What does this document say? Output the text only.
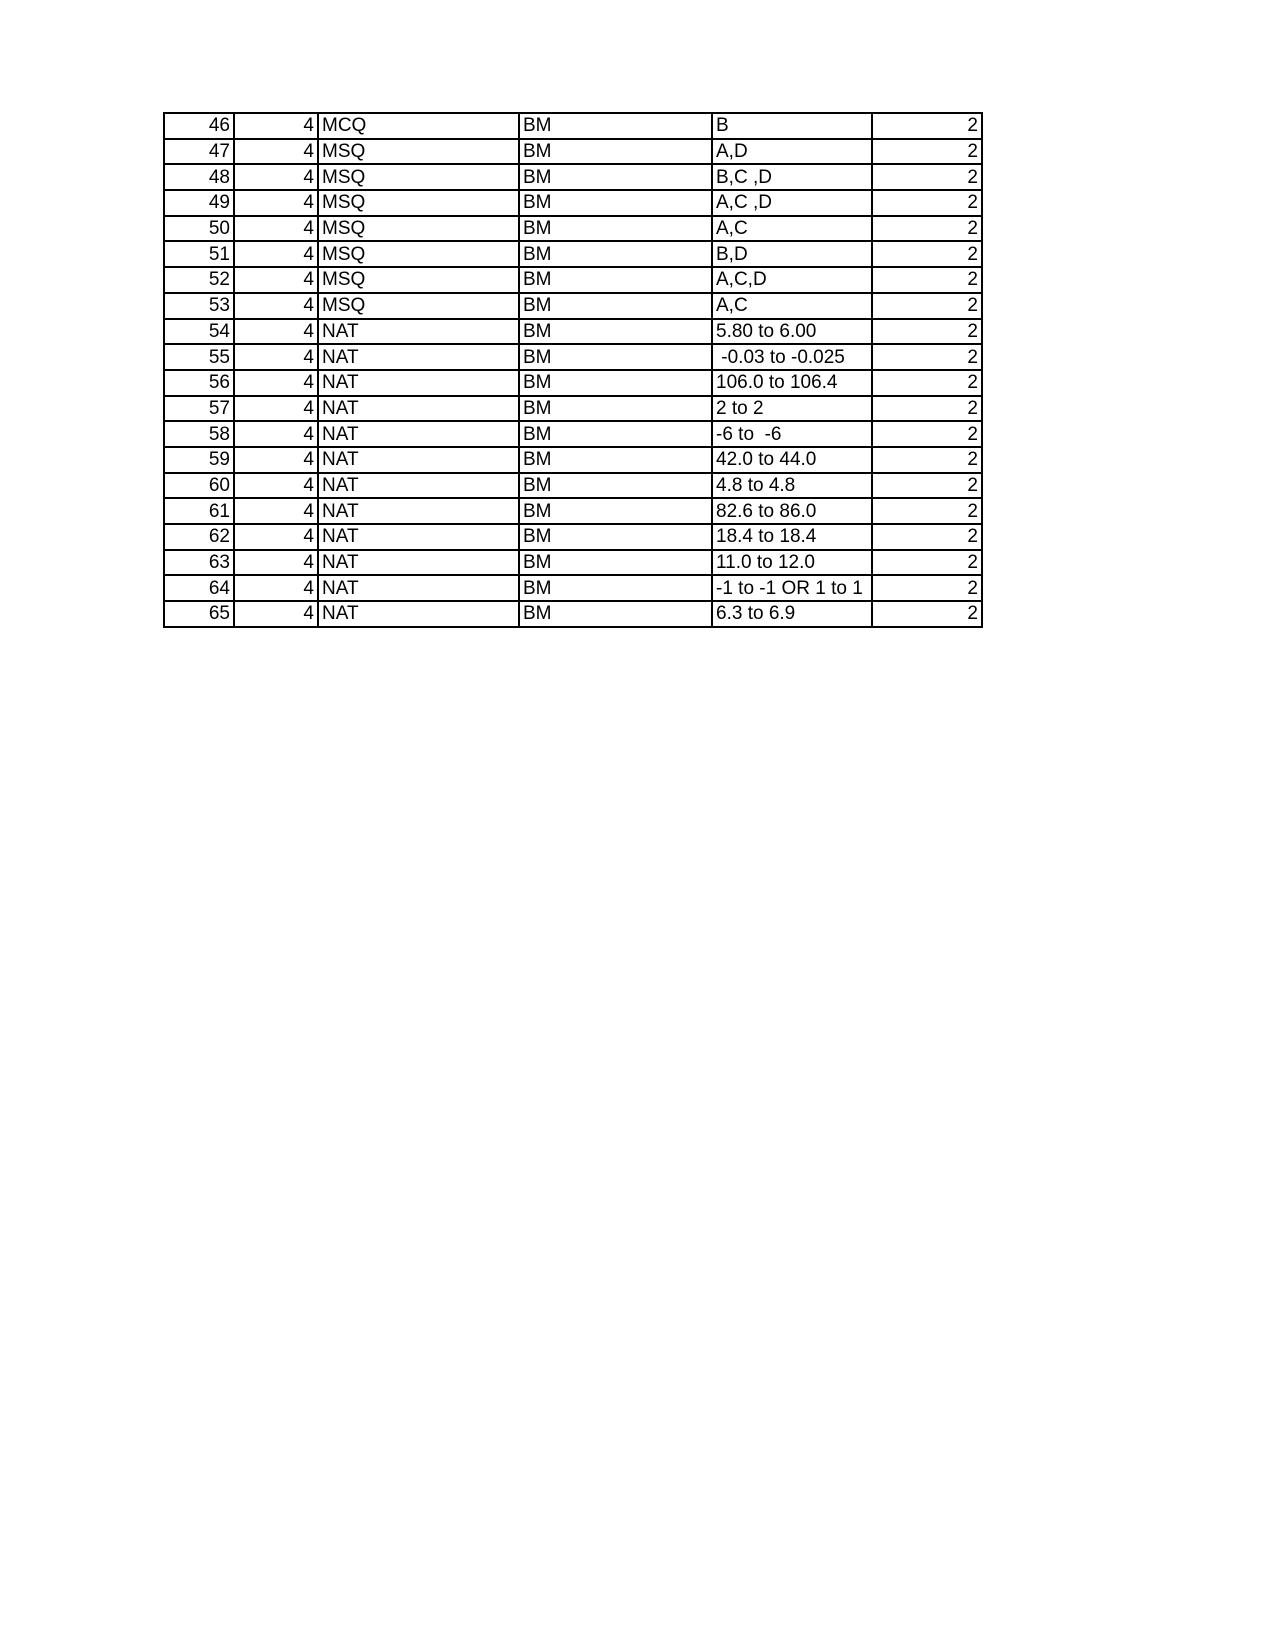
46	4	MCQ	BM	B	2
47	4	MSQ	BM	A,D	2
48	4	MSQ	BM	B,C ,D	2
49	4	MSQ	BM	A,C ,D	2
50	4	MSQ	BM	A,C	2
51	4	MSQ	BM	B,D	2
52	4	MSQ	BM	A,C,D	2
53	4	MSQ	BM	A,C	2
54	4	NAT	BM	5.80 to 6.00	2
55	4	NAT	BM	-0.03 to -0.025	2
56	4	NAT	BM	106.0 to 106.4	2
57	4	NAT	BM	2 to 2	2
58	4	NAT	BM	-6 to  -6	2
59	4	NAT	BM	42.0 to 44.0	2
60	4	NAT	BM	4.8 to 4.8	2
61	4	NAT	BM	82.6 to 86.0	2
62	4	NAT	BM	18.4 to 18.4	2
63	4	NAT	BM	11.0 to 12.0	2
64	4	NAT	BM	-1 to -1 OR 1 to 1	2
65	4	NAT	BM	6.3 to 6.9	2
